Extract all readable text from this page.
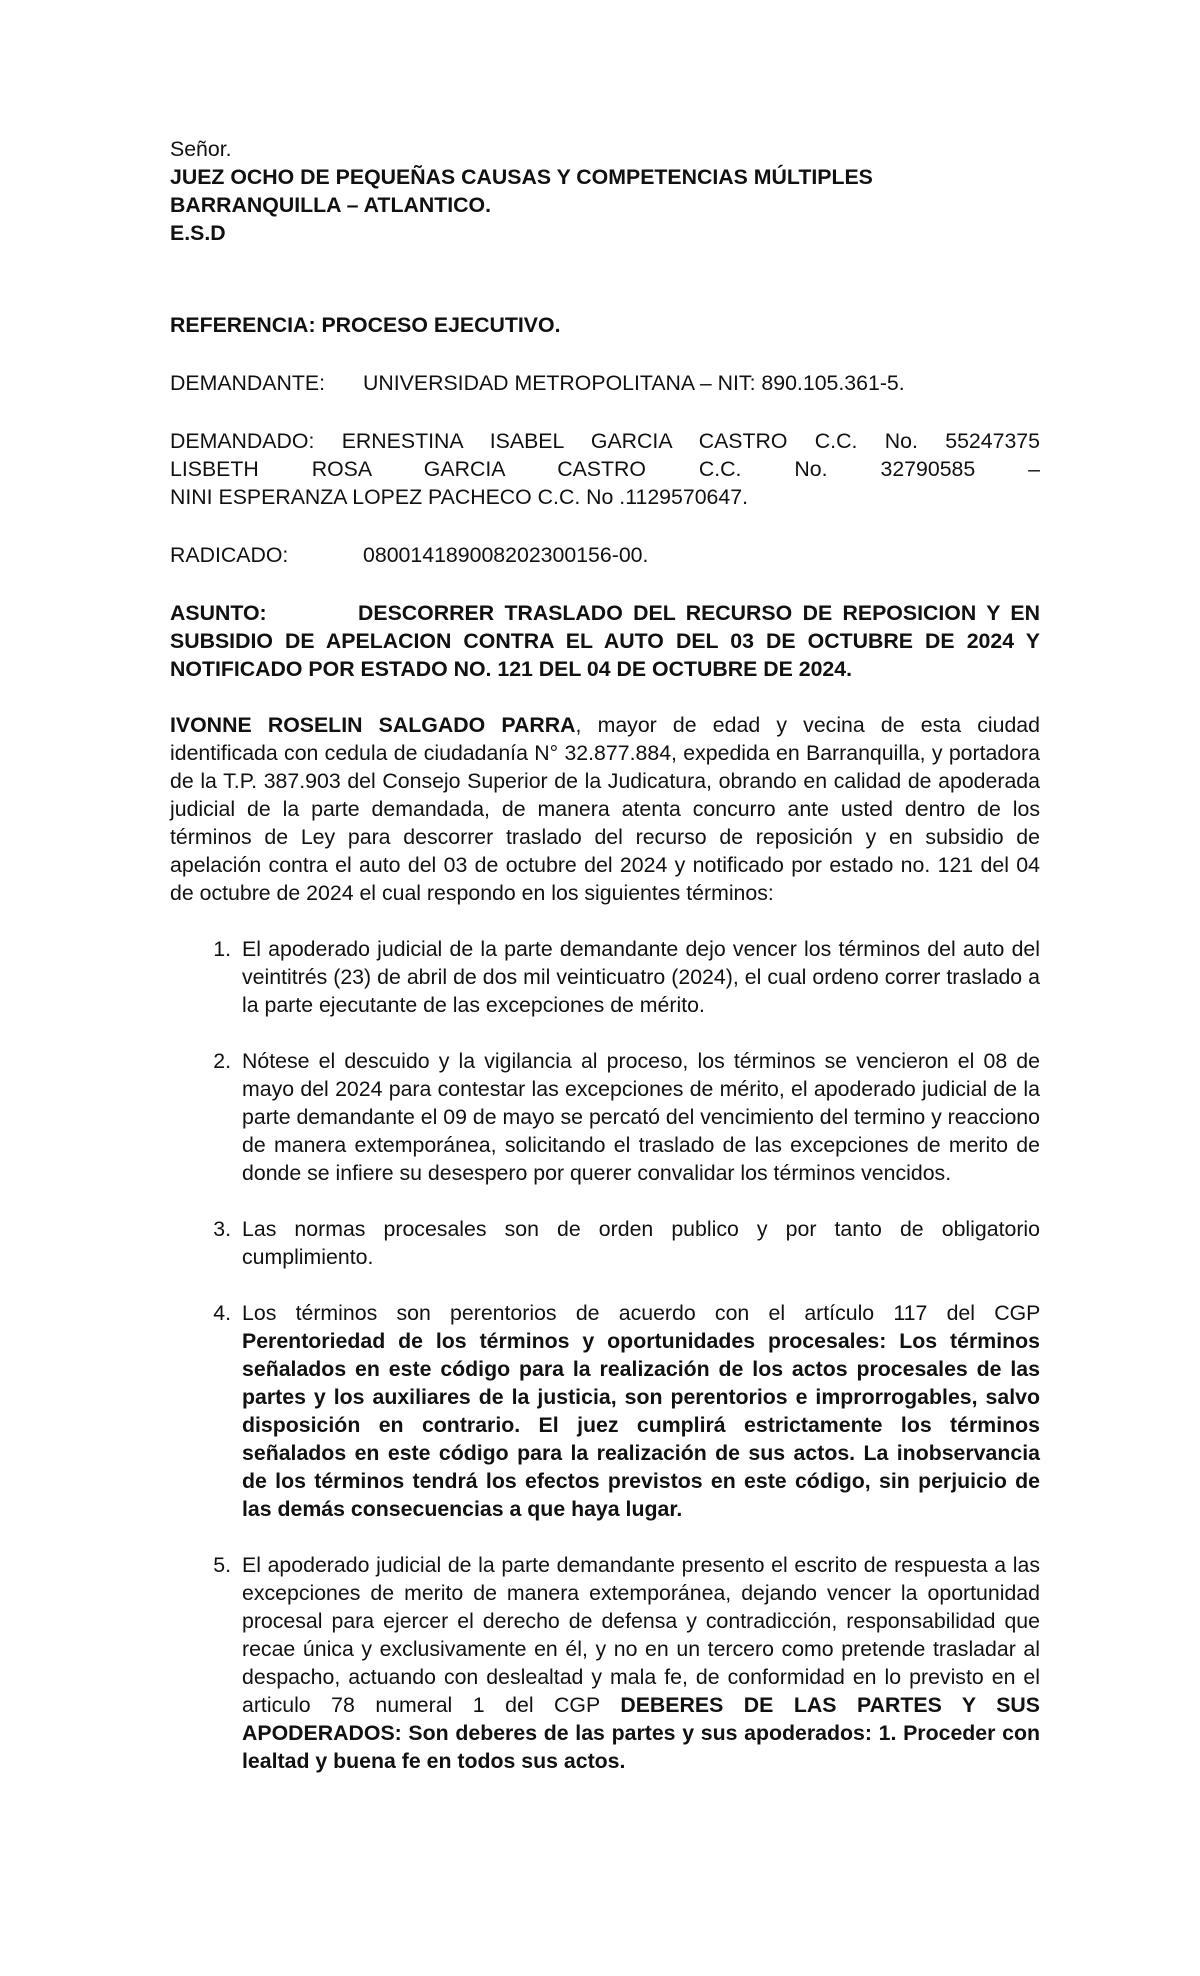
Señor.
JUEZ OCHO DE PEQUEÑAS CAUSAS Y COMPETENCIAS MÚLTIPLES
BARRANQUILLA – ATLANTICO.
E.S.D
REFERENCIA: PROCESO EJECUTIVO.
DEMANDANTE:	UNIVERSIDAD METROPOLITANA – NIT: 890.105.361-5.
DEMANDADO: ERNESTINA ISABEL GARCIA CASTRO C.C. No. 55247375
LISBETH ROSA GARCIA CASTRO C.C. No. 32790585 –
NINI ESPERANZA LOPEZ PACHECO C.C. No .1129570647.
RADICADO:	080014189008202300156-00.
ASUNTO:	DESCORRER TRASLADO DEL RECURSO DE REPOSICION Y EN SUBSIDIO DE APELACION CONTRA EL AUTO DEL 03 DE OCTUBRE DE 2024 Y NOTIFICADO POR ESTADO NO. 121 DEL 04 DE OCTUBRE DE 2024.
IVONNE ROSELIN SALGADO PARRA, mayor de edad y vecina de esta ciudad identificada con cedula de ciudadanía N° 32.877.884, expedida en Barranquilla, y portadora de la T.P. 387.903 del Consejo Superior de la Judicatura, obrando en calidad de apoderada judicial de la parte demandada, de manera atenta concurro ante usted dentro de los términos de Ley para descorrer traslado del recurso de reposición y en subsidio de apelación contra el auto del 03 de octubre del 2024 y notificado por estado no. 121 del 04 de octubre de 2024 el cual respondo en los siguientes términos:
1. El apoderado judicial de la parte demandante dejo vencer los términos del auto del veintitrés (23) de abril de dos mil veinticuatro (2024), el cual ordeno correr traslado a la parte ejecutante de las excepciones de mérito.
2. Nótese el descuido y la vigilancia al proceso, los términos se vencieron el 08 de mayo del 2024 para contestar las excepciones de mérito, el apoderado judicial de la parte demandante el 09 de mayo se percató del vencimiento del termino y reacciono de manera extemporánea, solicitando el traslado de las excepciones de merito de donde se infiere su desespero por querer convalidar los términos vencidos.
3. Las normas procesales son de orden publico y por tanto de obligatorio cumplimiento.
4. Los términos son perentorios de acuerdo con el artículo 117 del CGP Perentoriedad de los términos y oportunidades procesales: Los términos señalados en este código para la realización de los actos procesales de las partes y los auxiliares de la justicia, son perentorios e improrrogables, salvo disposición en contrario. El juez cumplirá estrictamente los términos señalados en este código para la realización de sus actos. La inobservancia de los términos tendrá los efectos previstos en este código, sin perjuicio de las demás consecuencias a que haya lugar.
5. El apoderado judicial de la parte demandante presento el escrito de respuesta a las excepciones de merito de manera extemporánea, dejando vencer la oportunidad procesal para ejercer el derecho de defensa y contradicción, responsabilidad que recae única y exclusivamente en él, y no en un tercero como pretende trasladar al despacho, actuando con deslealtad y mala fe, de conformidad en lo previsto en el articulo 78 numeral 1 del CGP DEBERES DE LAS PARTES Y SUS APODERADOS: Son deberes de las partes y sus apoderados: 1. Proceder con lealtad y buena fe en todos sus actos.
